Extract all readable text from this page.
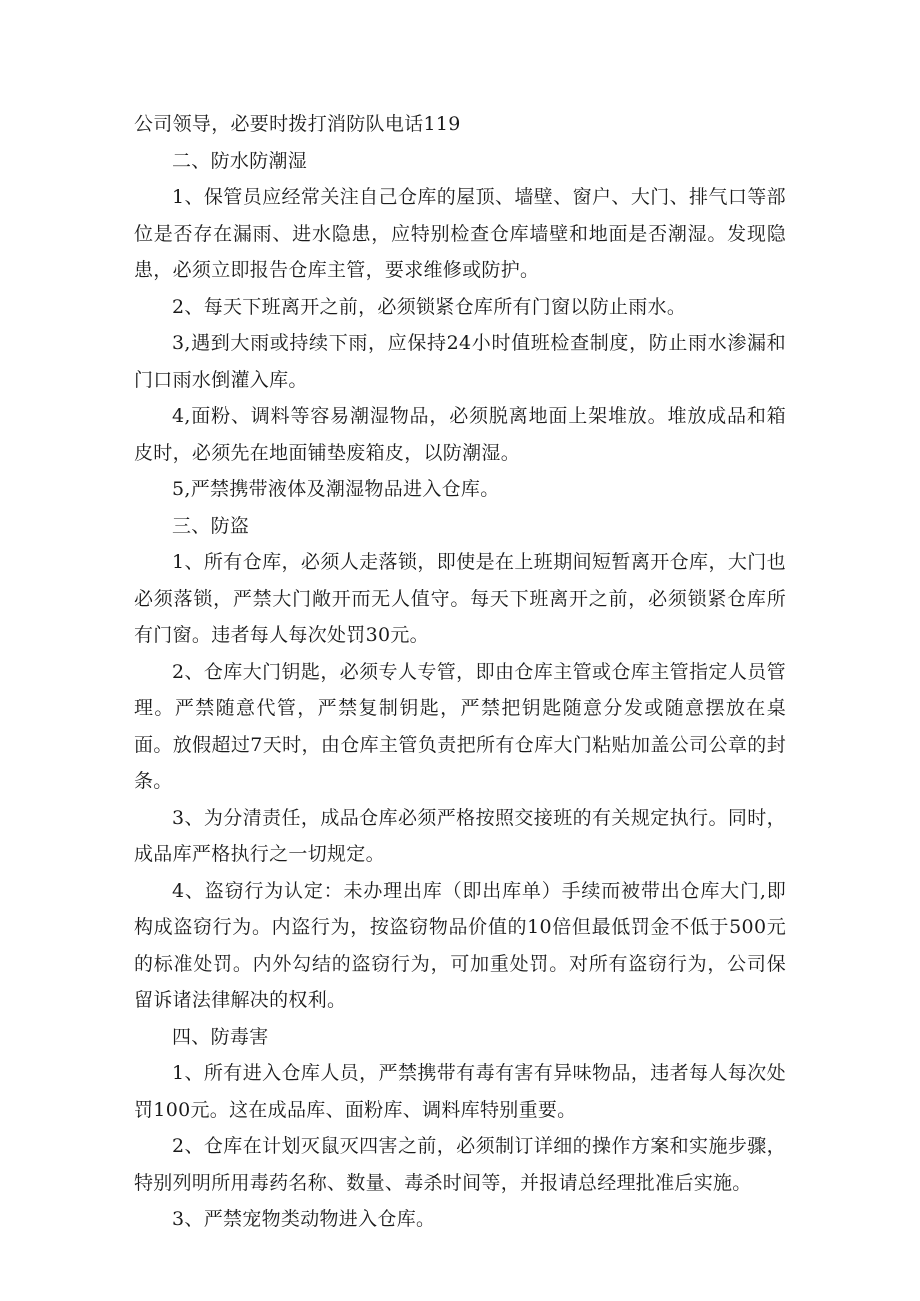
公司领导，必要时拨打消防队电话119

二、防水防潮湿

1、保管员应经常关注自己仓库的屋顶、墙壁、窗户、大门、排气口等部位是否存在漏雨、进水隐患，应特别检查仓库墙壁和地面是否潮湿。发现隐患，必须立即报告仓库主管，要求维修或防护。

2、每天下班离开之前，必须锁紧仓库所有门窗以防止雨水。

3,遇到大雨或持续下雨，应保持24小时值班检查制度，防止雨水渗漏和门口雨水倒灌入库。

4,面粉、调料等容易潮湿物品，必须脱离地面上架堆放。堆放成品和箱皮时，必须先在地面铺垫废箱皮，以防潮湿。

5,严禁携带液体及潮湿物品进入仓库。

三、防盗

1、所有仓库，必须人走落锁，即使是在上班期间短暂离开仓库，大门也必须落锁，严禁大门敞开而无人值守。每天下班离开之前，必须锁紧仓库所有门窗。违者每人每次处罚30元。

2、仓库大门钥匙，必须专人专管，即由仓库主管或仓库主管指定人员管理。严禁随意代管，严禁复制钥匙，严禁把钥匙随意分发或随意摆放在桌面。放假超过7天时，由仓库主管负责把所有仓库大门粘贴加盖公司公章的封条。

3、为分清责任，成品仓库必须严格按照交接班的有关规定执行。同时，成品库严格执行之一切规定。

4、盗窃行为认定：未办理出库（即出库单）手续而被带出仓库大门,即构成盗窃行为。内盗行为，按盗窃物品价值的10倍但最低罚金不低于500元的标准处罚。内外勾结的盗窃行为，可加重处罚。对所有盗窃行为，公司保留诉诸法律解决的权利。

四、防毒害

1、所有进入仓库人员，严禁携带有毒有害有异味物品，违者每人每次处罚100元。这在成品库、面粉库、调料库特别重要。

2、仓库在计划灭鼠灭四害之前，必须制订详细的操作方案和实施步骤，特别列明所用毒药名称、数量、毒杀时间等，并报请总经理批准后实施。

3、严禁宠物类动物进入仓库。
